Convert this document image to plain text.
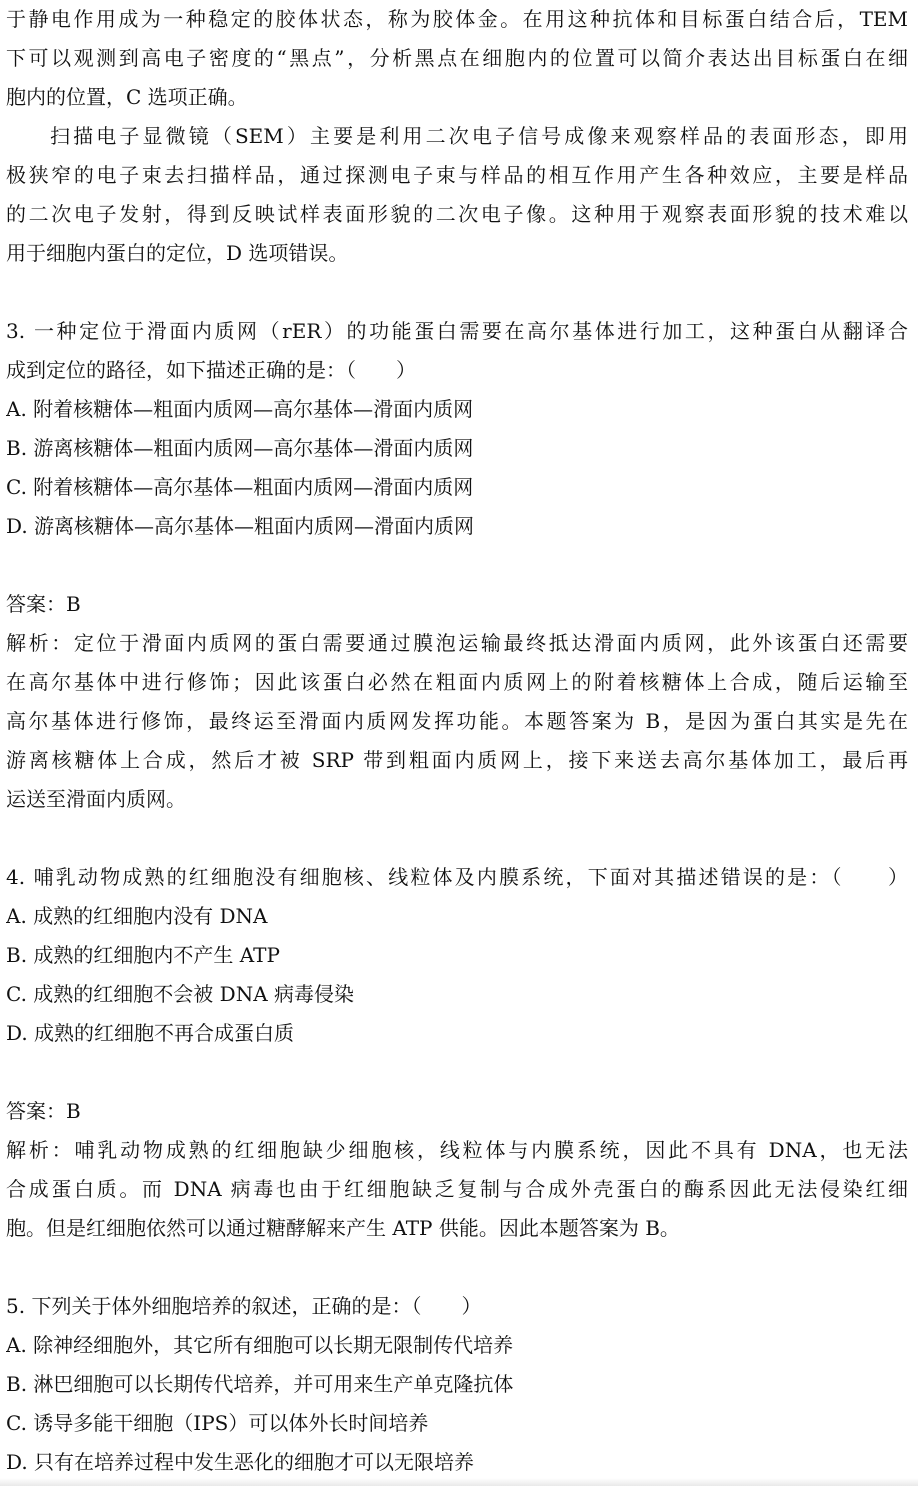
于静电作用成为一种稳定的胶体状态，称为胶体金。在用这种抗体和目标蛋白结合后，TEM
下可以观测到高电子密度的“黑点”，分析黑点在细胞内的位置可以简介表达出目标蛋白在细
胞内的位置，C 选项正确。
扫描电子显微镜（SEM）主要是利用二次电子信号成像来观察样品的表面形态，即用
极狭窄的电子束去扫描样品，通过探测电子束与样品的相互作用产生各种效应，主要是样品
的二次电子发射，得到反映试样表面形貌的二次电子像。这种用于观察表面形貌的技术难以
用于细胞内蛋白的定位，D 选项错误。
3. 一种定位于滑面内质网（rER）的功能蛋白需要在高尔基体进行加工，这种蛋白从翻译合
成到定位的路径，如下描述正确的是：（　　）
A. 附着核糖体—粗面内质网—高尔基体—滑面内质网
B. 游离核糖体—粗面内质网—高尔基体—滑面内质网
C. 附着核糖体—高尔基体—粗面内质网—滑面内质网
D. 游离核糖体—高尔基体—粗面内质网—滑面内质网
答案：B
解析：定位于滑面内质网的蛋白需要通过膜泡运输最终抵达滑面内质网，此外该蛋白还需要
在高尔基体中进行修饰；因此该蛋白必然在粗面内质网上的附着核糖体上合成，随后运输至
高尔基体进行修饰，最终运至滑面内质网发挥功能。本题答案为 B，是因为蛋白其实是先在
游离核糖体上合成，然后才被 SRP 带到粗面内质网上，接下来送去高尔基体加工，最后再
运送至滑面内质网。
4. 哺乳动物成熟的红细胞没有细胞核、线粒体及内膜系统，下面对其描述错误的是：（　　）
A. 成熟的红细胞内没有 DNA
B. 成熟的红细胞内不产生 ATP
C. 成熟的红细胞不会被 DNA 病毒侵染
D. 成熟的红细胞不再合成蛋白质
答案：B
解析：哺乳动物成熟的红细胞缺少细胞核，线粒体与内膜系统，因此不具有 DNA，也无法
合成蛋白质。而 DNA 病毒也由于红细胞缺乏复制与合成外壳蛋白的酶系因此无法侵染红细
胞。但是红细胞依然可以通过糖酵解来产生 ATP 供能。因此本题答案为 B。
5. 下列关于体外细胞培养的叙述，正确的是：（　　）
A. 除神经细胞外，其它所有细胞可以长期无限制传代培养
B. 淋巴细胞可以长期传代培养，并可用来生产单克隆抗体
C. 诱导多能干细胞（IPS）可以体外长时间培养
D. 只有在培养过程中发生恶化的细胞才可以无限培养
